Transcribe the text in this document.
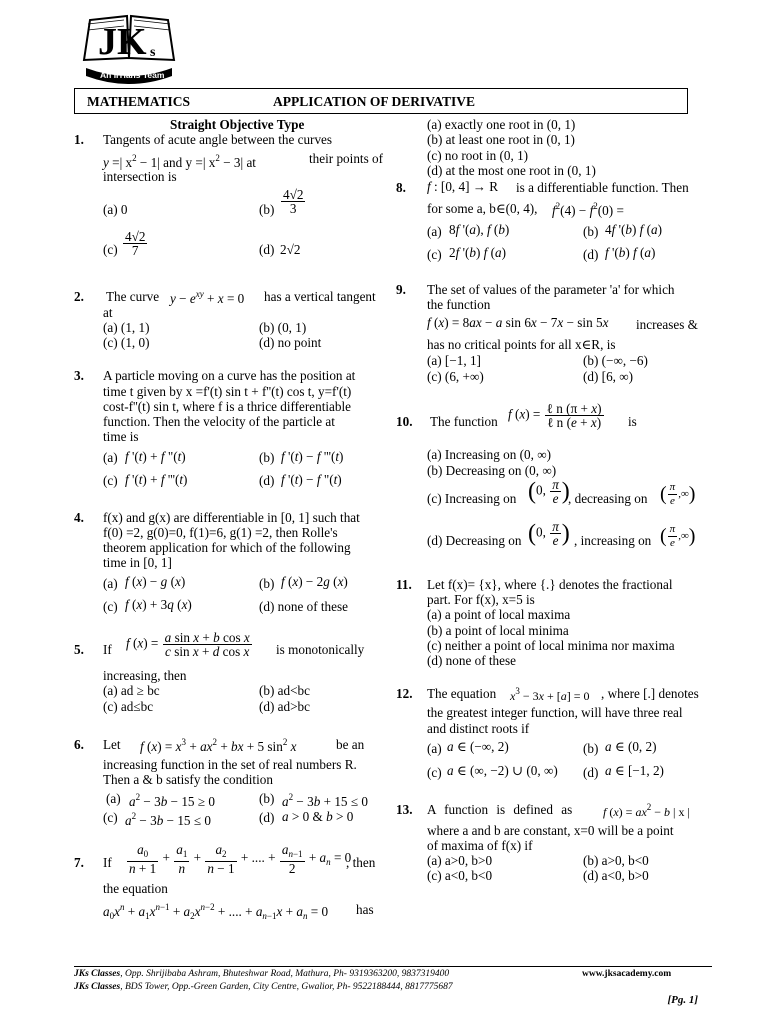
JK s
An IITians Team
MATHEMATICS	APPLICATION OF DERIVATIVE
Straight Objective Type
1. Tangents of acute angle between the curves
y =| $x^2 - 1|$ and y =| $x^2 - 3|$ at	their points of
intersection is
(a) 0	$(b) \frac{4√2}{3}$
$(c) \frac{4√2}{7}$	(d) 2√2
2. The curve $y - e^{xy} + x = 0$ has a vertical tangent
at
(a) (1, 1)	(b) (0, 1)
(c) (1, 0)	(d) no point
3. A particle moving on a curve has the position at
time t given by x =f'(t) sin t + f''(t) cos t, y=f'(t)
cost-f''(t) sin t, where f is a thrice differentiable
function. Then the velocity of the particle at
time is
(a) f '(t) + f "(t)	(b) f '(t) − f '''(t)
(c) f '(t) + f '''(t)	(d) f '(t) − f "(t)
4. f(x) and g(x) are differentiable in [0, 1] such that
f(0) =2, g(0)=0, f(1)=6, g(1) =2, then Rolle's
theorem application for which of the following
time in [0, 1]
(a) f (x) − g (x)	(b) f (x) − 2g (x)
(c) f (x) + 3q (x)	(d) none of these
5. If f $(x) = \frac{\text{a sin x + b cos x}}{\text{c sin x + d cos x}}$ is monotonically
increasing, then
(a) ad ≥ bc	(b) ad<bc
(c) ad≤bc	(d) ad>bc
6. Let f $(x) = x^3 + ax^2$ + bx + 5 $\sin^2 x$	be an
increasing function in the set of real numbers R.
Then a & b satisfy the condition
(a) $a^2 - 3b - 15 \ge 0$	(b) $a^2 - 3b + 15 \le 0$
(c) $a^2 - 3b - 15 \le 0$	(d) a > 0 & b > 0
7. If $\frac{a_0}{n + 1} + \frac{a_1}{n} + \frac{a_2}{n - 1}$ + .... + $\frac{a_{n-1}}{2} + a_n = 0$
, then
the equation
$a_0x^n + a_1x^{n-1} + a_2x^{n-2}$ + .... + $a_{n-1}x + a_n = 0$ has
(a) exactly one root in (0, 1)
(b) at least one root in (0, 1)
(c) no root in (0, 1)
(d) at the most one root in (0, 1)
8. f : [0, 4] → R is a differentiable function. Then
for some a, b∈(0, 4), $f^2(4) - f^2(0)$ =
(a) 8f '(a), f (b)	(b) 4f '(b) f (a)
(c) 2f '(b) f (a)	(d) f '(b) f (a)
9. The set of values of the parameter 'a' for which
the function
f (x) = 8ax − a sin 6x − 7x − sin 5x increases &
has no critical points for all x∈R, is
(a) [−1, 1]	(b) (−∞, −6)
(c) (6, +∞)	(d) [6, ∞)
10. The function f $(x) = \frac{\text{ℓ n (π + x)}}{\text{ℓ n (e + x)}}$ is
(a) Increasing on (0, ∞)
(b) Decreasing on (0, ∞)
(c) Increasing on (0, $\frac{\pi}{e}$ )
, decreasing on ( $\frac{\pi}{e}$ ,∞)
(d) Decreasing on (0, $\frac{\pi}{e}$ ) , increasing on ( $\frac{\pi}{e}$ ,∞)
11. Let f(x)= {x}, where {.} denotes the fractional
part. For f(x), x=5 is
(a) a point of local maxima
(b) a point of local minima
(c) neither a point of local minima nor maxima
(d) none of these
12. The equation $x^3 - 3x + [a] = 0$ , where [.] denotes
the greatest integer function, will have three real
and distinct roots if
(a) a ∈ (−∞, 2)	(b) a ∈ (0, 2)
(c) a ∈ (∞, −2) ∪ (0, ∞) (d) a ∈ [−1, 2)
13. A function is defined as	f $(x) = ax^2 - b$ | x |
where a and b are constant, x=0 will be a point
of maxima of f(x) if
(a) a>0, b>0	(b) a>0, b<0
(c) a<0, b<0	(d) a<0, b>0
JKs Classes, Opp. Shrijibaba Ashram, Bhuteshwar Road, Mathura, Ph- 9319363200, 9837319400	www.jksacademy.com
JKs Classes, BDS Tower, Opp.-Green Garden, City Centre, Gwalior, Ph- 9522188444, 8817775687
[Pg. 1]
